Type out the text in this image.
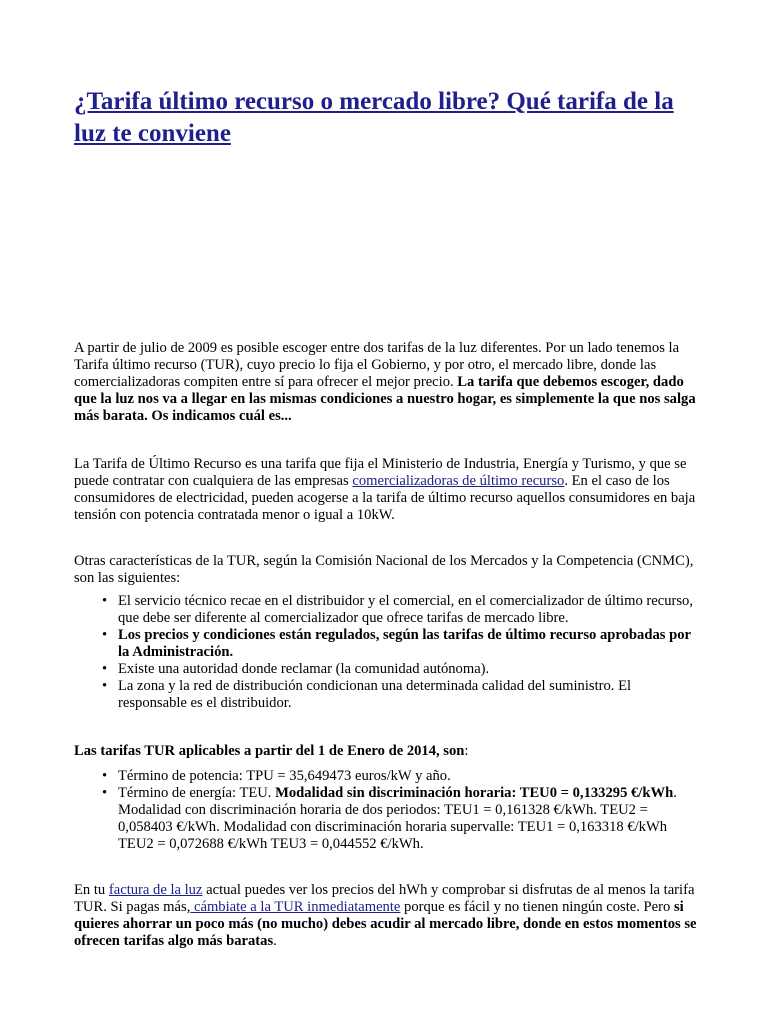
¿Tarifa último recurso o mercado libre? Qué tarifa de la luz te conviene

A partir de julio de 2009 es posible escoger entre dos tarifas de la luz diferentes. Por un lado tenemos la Tarifa último recurso (TUR), cuyo precio lo fija el Gobierno, y por otro, el mercado libre, donde las comercializadoras compiten entre sí para ofrecer el mejor precio. La tarifa que debemos escoger, dado que la luz nos va a llegar en las mismas condiciones a nuestro hogar, es simplemente la que nos salga más barata. Os indicamos cuál es...

La Tarifa de Último Recurso es una tarifa que fija el Ministerio de Industria, Energía y Turismo, y que se puede contratar con cualquiera de las empresas comercializadoras de último recurso. En el caso de los consumidores de electricidad, pueden acogerse a la tarifa de último recurso aquellos consumidores en baja tensión con potencia contratada menor o igual a 10kW.

Otras características de la TUR, según la Comisión Nacional de los Mercados y la Competencia (CNMC), son las siguientes:

• El servicio técnico recae en el distribuidor y el comercial, en el comercializador de último recurso, que debe ser diferente al comercializador que ofrece tarifas de mercado libre.
• Los precios y condiciones están regulados, según las tarifas de último recurso aprobadas por la Administración.
• Existe una autoridad donde reclamar (la comunidad autónoma).
• La zona y la red de distribución condicionan una determinada calidad del suministro. El responsable es el distribuidor.

Las tarifas TUR aplicables a partir del 1 de Enero de 2014, son:

• Término de potencia: TPU = 35,649473 euros/kW y año.
• Término de energía: TEU. Modalidad sin discriminación horaria: TEU0 = 0,133295 €/kWh. Modalidad con discriminación horaria de dos periodos: TEU1 = 0,161328 €/kWh. TEU2 = 0,058403 €/kWh. Modalidad con discriminación horaria supervalle: TEU1 = 0,163318 €/kWh TEU2 = 0,072688 €/kWh TEU3 = 0,044552 €/kWh.

En tu factura de la luz actual puedes ver los precios del hWh y comprobar si disfrutas de al menos la tarifa TUR. Si pagas más, cámbiate a la TUR inmediatamente porque es fácil y no tienen ningún coste. Pero si quieres ahorrar un poco más (no mucho) debes acudir al mercado libre, donde en estos momentos se ofrecen tarifas algo más baratas.
